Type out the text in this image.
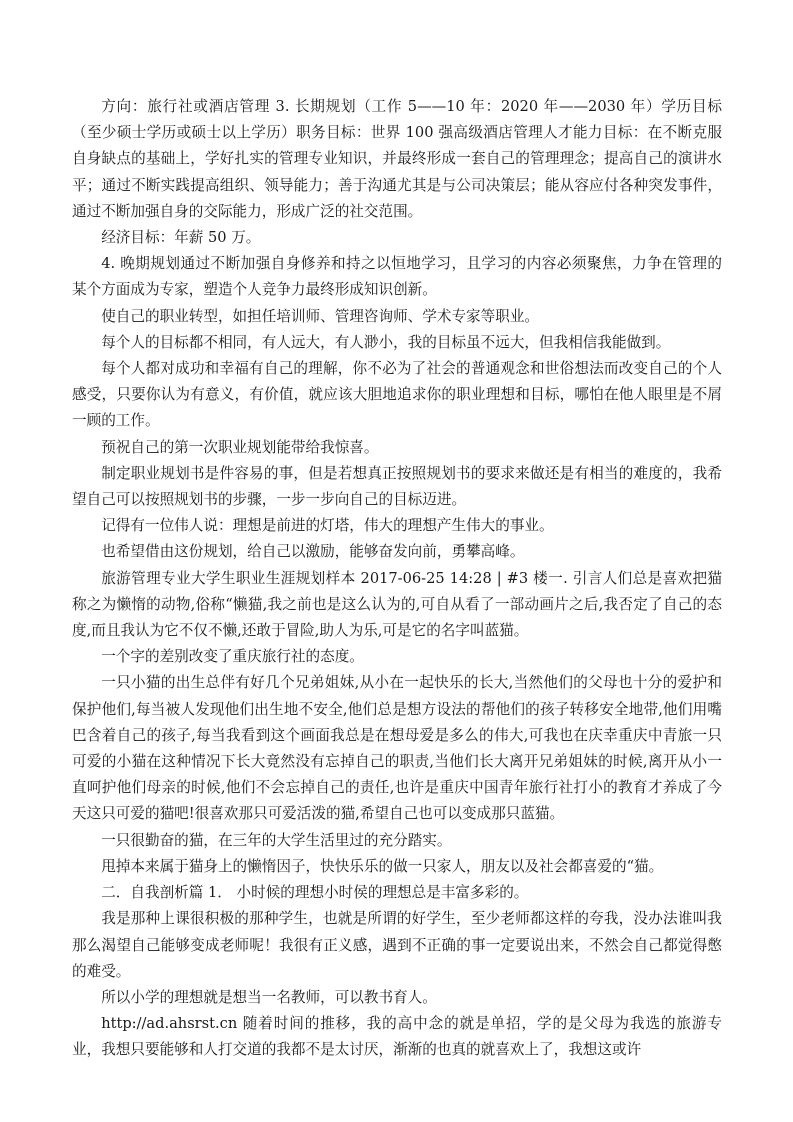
方向：旅行社或酒店管理 3. 长期规划（工作 5——10 年：2020 年——2030 年）学历目标（至少硕士学历或硕士以上学历）职务目标：世界 100 强高级酒店管理人才能力目标：在不断克服自身缺点的基础上，学好扎实的管理专业知识，并最终形成一套自己的管理理念；提高自己的演讲水平；通过不断实践提高组织、领导能力；善于沟通尤其是与公司决策层；能从容应付各种突发事件，通过不断加强自身的交际能力，形成广泛的社交范围。

经济目标：年薪 50 万。

4. 晚期规划通过不断加强自身修养和持之以恒地学习，且学习的内容必须聚焦，力争在管理的 某个方面成为专家，塑造个人竞争力最终形成知识创新。

使自己的职业转型，如担任培训师、管理咨询师、学术专家等职业。

每个人的目标都不相同，有人远大，有人渺小，我的目标虽不远大，但我相信我能做到。

每个人都对成功和幸福有自己的理解，你不必为了社会的普通观念和世俗想法而改变自己的个人感受，只要你认为有意义，有价值，就应该大胆地追求你的职业理想和目标，哪怕在他人眼里是不屑一顾的工作。

预祝自己的第一次职业规划能带给我惊喜。

制定职业规划书是件容易的事，但是若想真正按照规划书的要求来做还是有相当的难度的，我希望自己可以按照规划书的步骤，一步一步向自己的目标迈进。

记得有一位伟人说：理想是前进的灯塔，伟大的理想产生伟大的事业。

也希望借由这份规划，给自己以激励，能够奋发向前，勇攀高峰。

旅游管理专业大学生职业生涯规划样本 2017-06-25 14:28 | #3 楼一. 引言人们总是喜欢把猫称之为懒惰的动物,俗称“懒猫,我之前也是这么认为的,可自从看了一部动画片之后,我否定了自己的态度,而且我认为它不仅不懒,还敢于冒险,助人为乐,可是它的名字叫蓝猫。

一个字的差别改变了重庆旅行社的态度。

一只小猫的出生总伴有好几个兄弟姐妹,从小在一起快乐的长大,当然他们的父母也十分的爱护和 保护他们,每当被人发现他们出生地不安全,他们总是想方设法的帮他们的孩子转移安全地带,他们用嘴巴含着自己的孩子,每当我看到这个画面我总是在想母爱是多么的伟大,可我也在庆幸重庆中青旅一只可爱的小猫在这种情况下长大竟然没有忘掉自己的职责,当他们长大离开兄弟姐妹的时候,离开从小一直呵护他们母亲的时候,他们不会忘掉自己的责任,也许是重庆中国青年旅行社打小的教育才养成了今天这只可爱的猫吧!很喜欢那只可爱活泼的猫,希望自己也可以变成那只蓝猫。

一只很勤奋的猫，在三年的大学生活里过的充分踏实。

甩掉本来属于猫身上的懒惰因子，快快乐乐的做一只家人，朋友以及社会都喜爱的“猫。

二．自我剖析篇 1． 小时候的理想小时侯的理想总是丰富多彩的。

我是那种上课很积极的那种学生，也就是所谓的好学生，至少老师都这样的夸我，没办法谁叫我那么渴望自己能够变成老师呢！我很有正义感，遇到不正确的事一定要说出来，不然会自己都觉得憋的难受。

所以小学的理想就是想当一名教师，可以教书育人。

http://ad.ahsrst.cn 随着时间的推移，我的高中念的就是单招，学的是父母为我选的旅游专业，我想只要能够和人打交道的我都不是太讨厌，渐渐的也真的就喜欢上了，我想这或许
